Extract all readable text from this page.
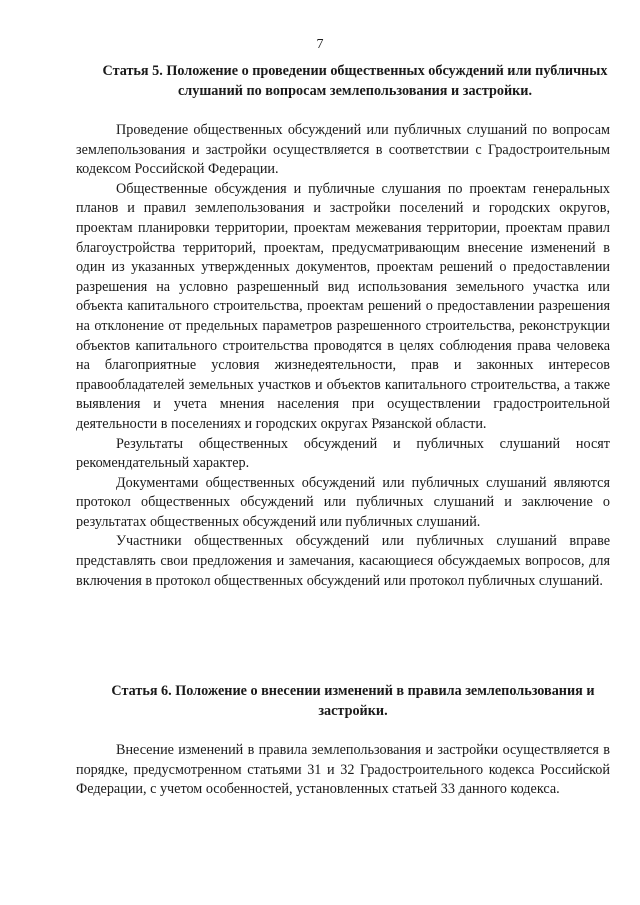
7
Статья 5. Положение о проведении общественных обсуждений или публичных слушаний по вопросам землепользования и застройки.

Проведение общественных обсуждений или публичных слушаний по вопросам землепользования и застройки осуществляется в соответствии с Градостроительным кодексом Российской Федерации.

Общественные обсуждения и публичные слушания по проектам генеральных планов и правил землепользования и застройки поселений и городских округов, проектам планировки территории, проектам межевания территории, проектам правил благоустройства территорий, проектам, предусматривающим внесение изменений в один из указанных утвержденных документов, проектам решений о предоставлении разрешения на условно разрешенный вид использования земельного участка или объекта капитального строительства, проектам решений о предоставлении разрешения на отклонение от предельных параметров разрешенного строительства, реконструкции объектов капитального строительства проводятся в целях соблюдения права человека на благоприятные условия жизнедеятельности, прав и законных интересов правообладателей земельных участков и объектов капитального строительства, а также выявления и учета мнения населения при осуществлении градостроительной деятельности в поселениях и городских округах Рязанской области.

Результаты общественных обсуждений и публичных слушаний носят рекомендательный характер.

Документами общественных обсуждений или публичных слушаний являются протокол общественных обсуждений или публичных слушаний и заключение о результатах общественных обсуждений или публичных слушаний.

Участники общественных обсуждений или публичных слушаний вправе представлять свои предложения и замечания, касающиеся обсуждаемых вопросов, для включения в протокол общественных обсуждений или протокол публичных слушаний.

Статья 6. Положение о внесении изменений в правила землепользования и застройки.

Внесение изменений в правила землепользования и застройки осуществляется в порядке, предусмотренном статьями 31 и 32 Градостроительного кодекса Российской Федерации, с учетом особенностей, установленных статьей 33 данного кодекса.
